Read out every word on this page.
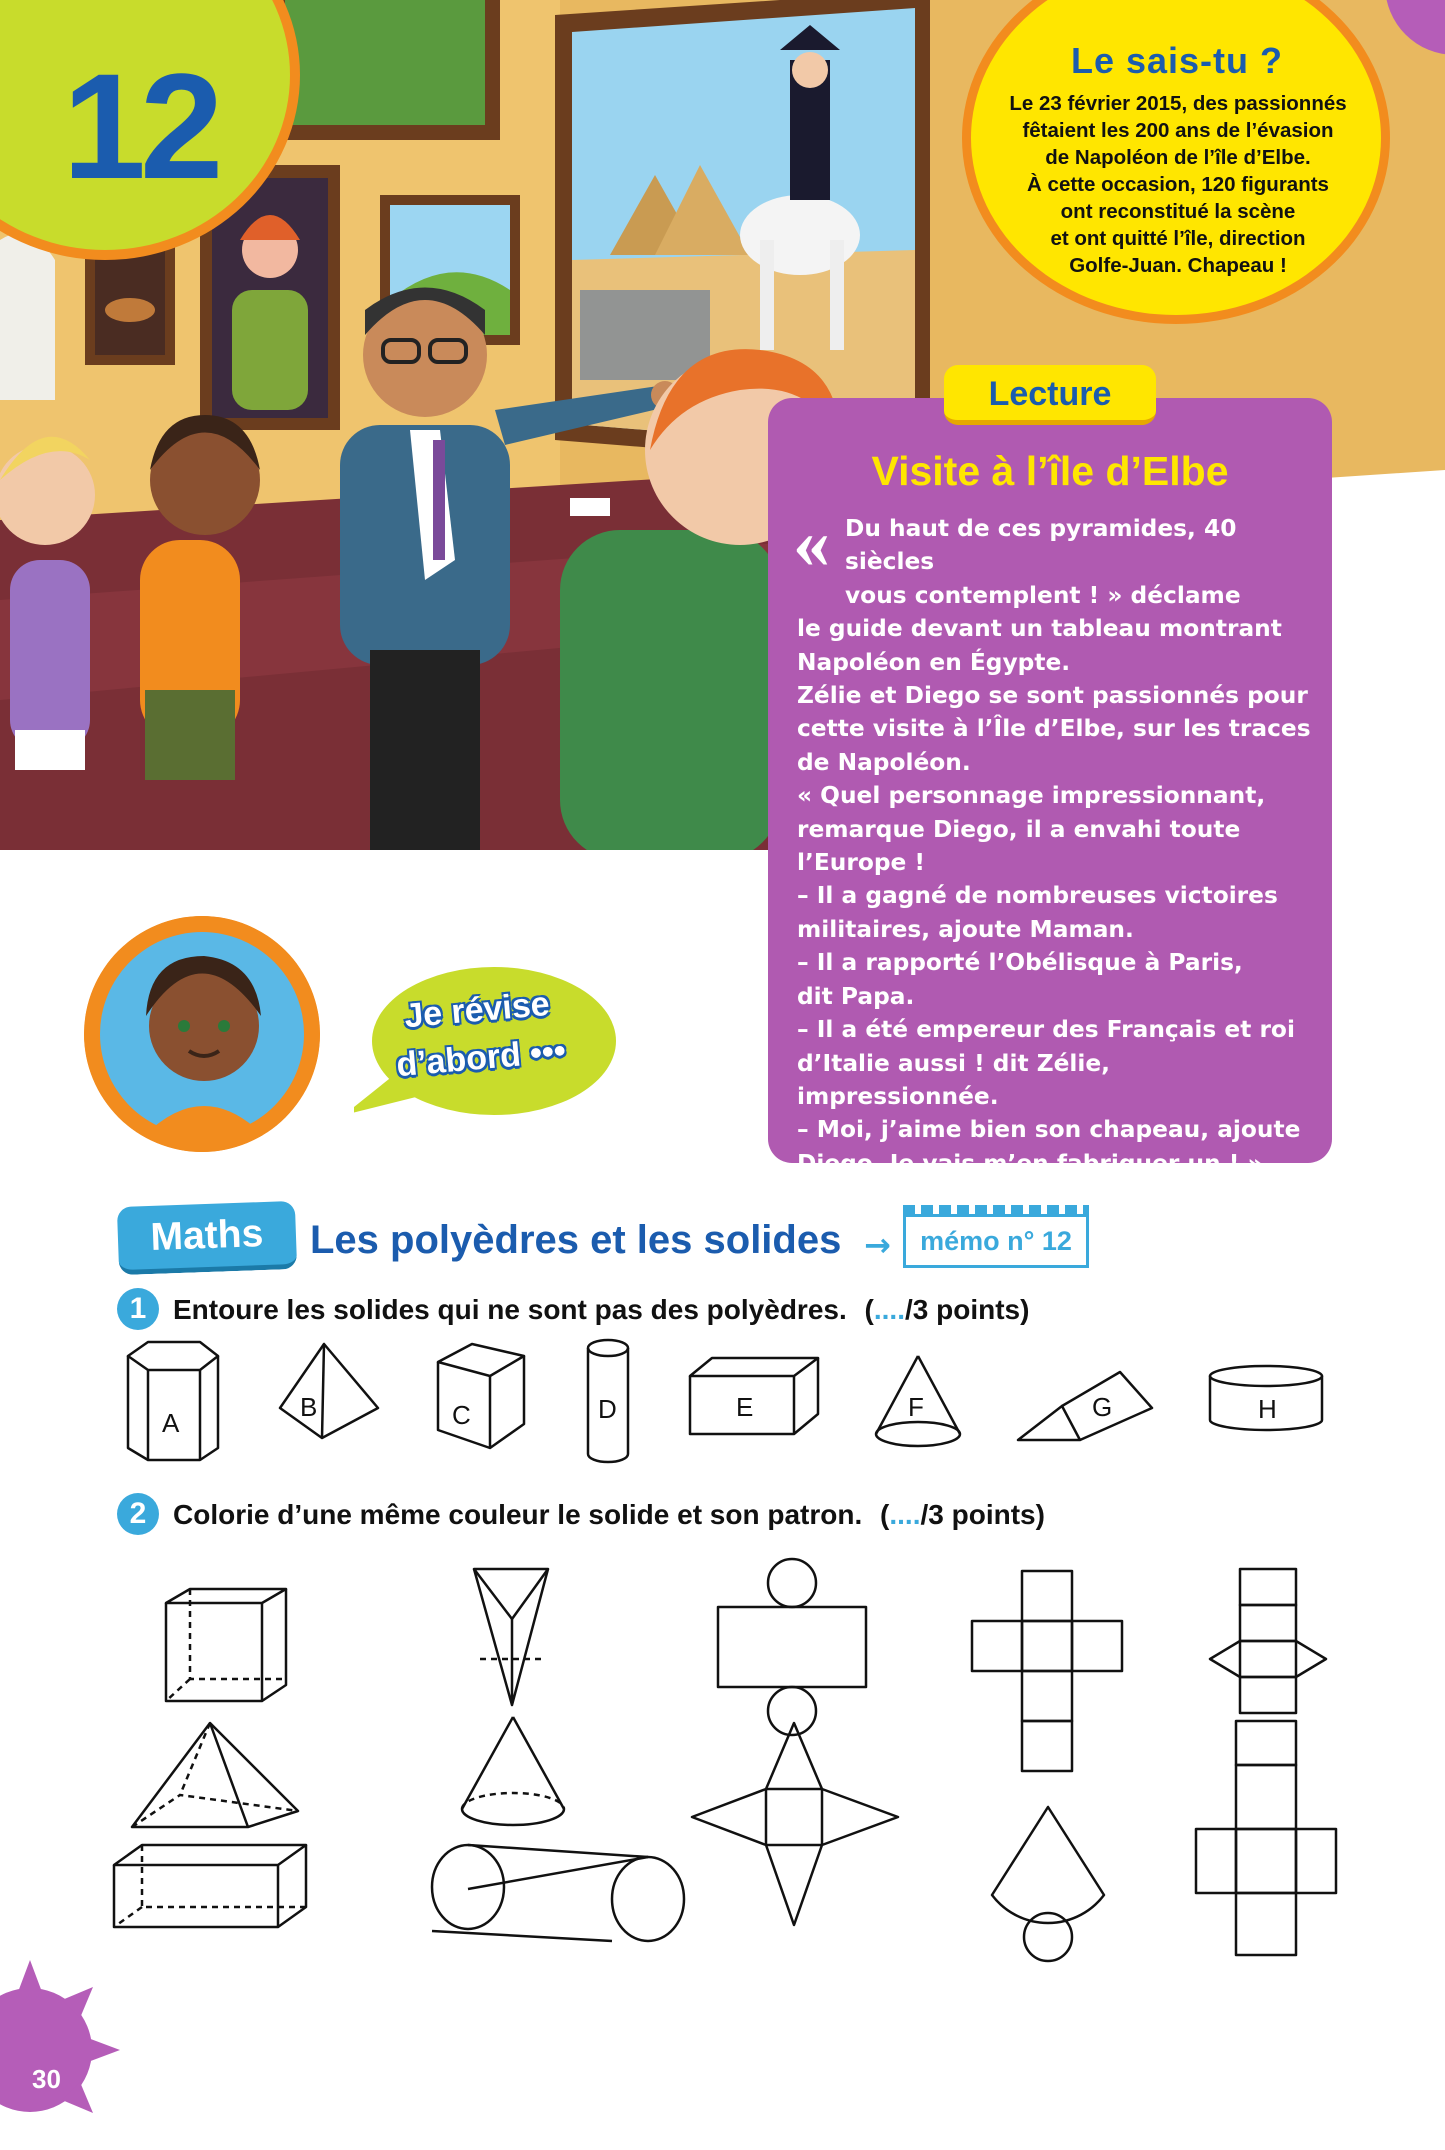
12	Le sais-tu ?
Le 23 février 2015, des passionnés
fêtaient les 200 ans de l’évasion
de Napoléon de l’île d’Elbe.
À cette occasion, 120 figurants
ont reconstitué la scène
et ont quitté l’île, direction
Golfe-Juan. Chapeau !
Lecture
Visite à l’île d’Elbe
« Du haut de ces pyramides, 40 siècles
vous contemplent ! » déclame
le guide devant un tableau montrant
Napoléon en Égypte.
Zélie et Diego se sont passionnés pour
cette visite à l’Île d’Elbe, sur les traces
de Napoléon.
« Quel personnage impressionnant,
remarque Diego, il a envahi toute
l’Europe !
– Il a gagné de nombreuses victoires
militaires, ajoute Maman.
– Il a rapporté l’Obélisque à Paris,
dit Papa.
– Il a été empereur des Français et roi
d’Italie aussi ! dit Zélie, impressionnée.
– Moi, j’aime bien son chapeau, ajoute
Diego. Je vais m’en fabriquer un ! »
Je révise
d’abord •••
Maths	Les polyèdres et les solides →	mémo n° 12
1 Entoure les solides qui ne sont pas des polyèdres. (..../3 points)
A
B	C	D	E	F	G	H
2 Colorie d’une même couleur le solide et son patron. (..../3 points)
30
